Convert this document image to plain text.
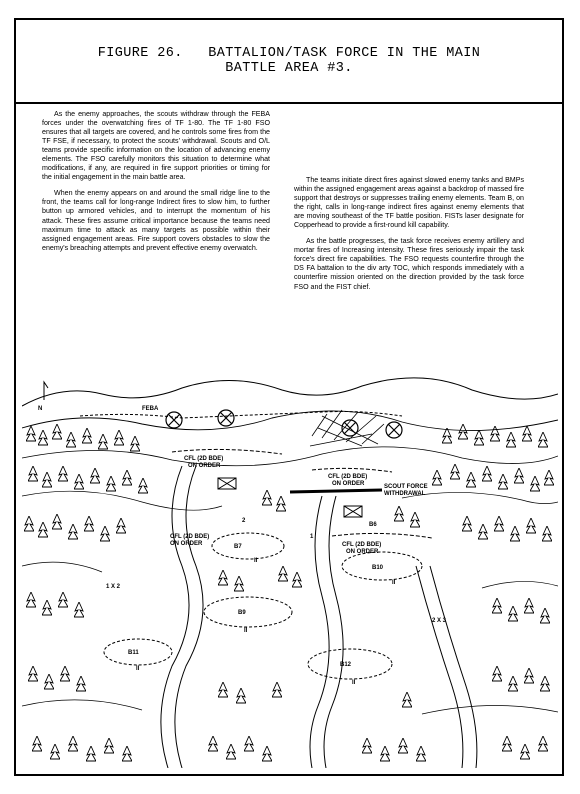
FIGURE 26.   BATTALION/TASK FORCE IN THE MAIN
BATTLE AREA #3.

As the enemy approaches, the scouts withdraw through the FEBA forces under the overwatching fires of TF 1-80. The TF 1-80 FSO ensures that all targets are covered, and he controls some fires from the TF FSE, if necessary, to protect the scouts' withdrawal. Scouts and O/L teams provide specific information on the location of advancing enemy elements. The FSO carefully monitors this situation to determine what modifications, if any, are required in fire support priorities or timing for the initial engagement in the main battle area.

When the enemy appears on and around the small ridge line to the front, the teams call for long-range Indirect fires to slow him, to further button up armored vehicles, and to interrupt the momentum of his attack. These fires assume critical importance because the teams need maximum time to attack as many targets as possible within their assigned engagement areas. Fire support covers obstacles to slow the enemy's breaching attempts and prevent effective enemy overwatch.

The teams initiate direct fires against slowed enemy tanks and BMPs within the assigned engagement areas against a backdrop of massed fire support that destroys or suppresses trailing enemy elements. Team B, on the right, calls in long-range indirect fires against enemy elements that are moving southeast of the TF battle position. FISTs laser designate for Copperhead to provide a first-round kill capability.

As the battle progresses, the task force receives enemy artillery and mortar fires of Increasing intensity. These fires seriously impair the task force's direct fire capabilities. The FSO requests counterfire through the DS FA battalion to the div arty TOC, which responds immediately with a counterfire mission oriented on the direction provided by the task force FSO and the FIST chief.

FEBA
N
CFL (2D BDE)
ON ORDER
CFL (2D BDE)
ON ORDER
CFL (2D BDE)
ON ORDER	CFL (2D BDE)
ON ORDER
SCOUT FORCE
WITHDRAWAL
B6
B7
B10
B9
B11
B12
II
II
II
II
II
1 X 2
2 X 3
1
2
